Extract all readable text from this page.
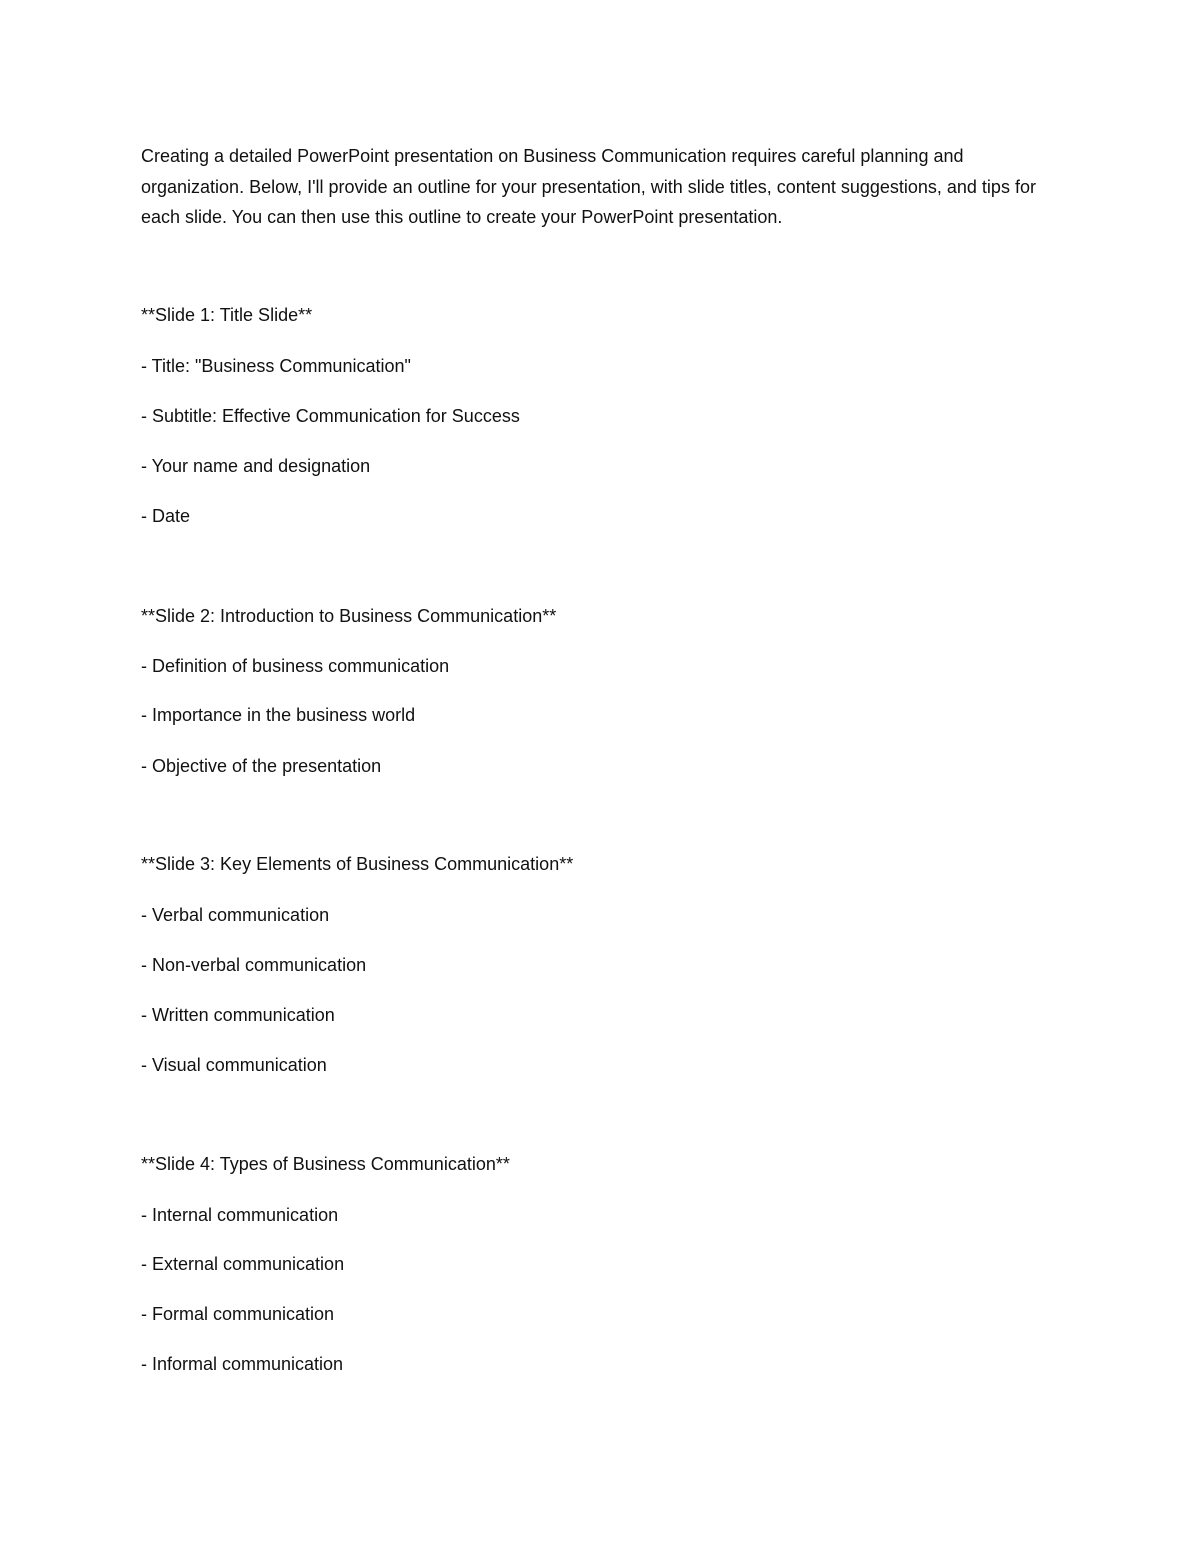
Creating a detailed PowerPoint presentation on Business Communication requires careful planning and organization. Below, I'll provide an outline for your presentation, with slide titles, content suggestions, and tips for each slide. You can then use this outline to create your PowerPoint presentation.

**Slide 1: Title Slide**

- Title: "Business Communication"

- Subtitle: Effective Communication for Success

- Your name and designation

- Date

**Slide 2: Introduction to Business Communication**

- Definition of business communication

- Importance in the business world

- Objective of the presentation

**Slide 3: Key Elements of Business Communication**

- Verbal communication

- Non-verbal communication

- Written communication

- Visual communication

**Slide 4: Types of Business Communication**

- Internal communication

- External communication

- Formal communication

- Informal communication
